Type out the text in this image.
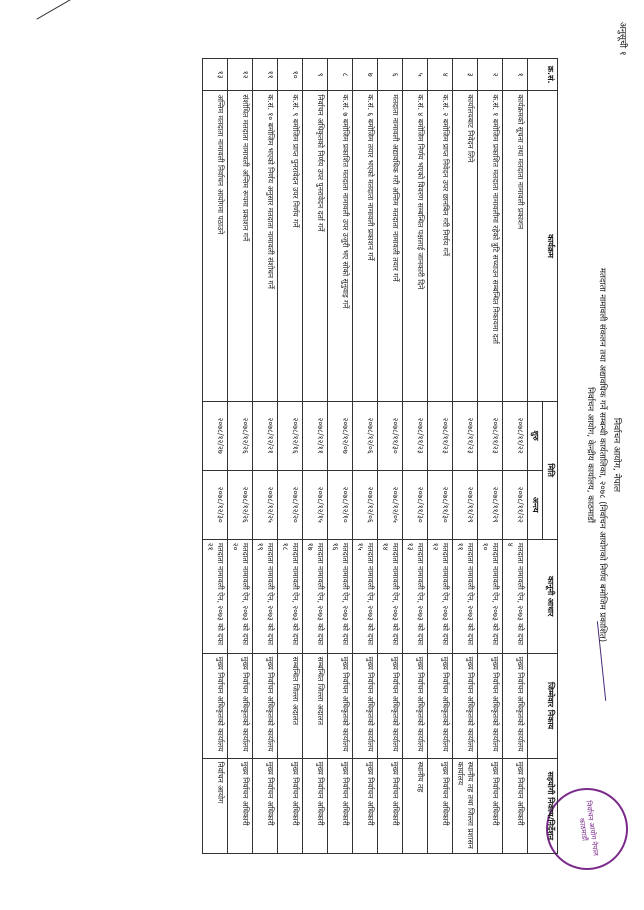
अनुसूची १
निर्वाचन आयोग, नेपाल
निर्वाचन आयोग नेपाल काठमाडौं
मतदाता नामावली संकलन तथा अद्यावधिक गर्ने सम्बन्धी कार्यतालिका, २०७८ (निर्वाचन आयोगको निर्णय बमोजिम प्रकाशित)
निर्वाचन आयोग, केन्द्रीय कार्यालय, काठमाडौं
क्र.सं.	कार्यक्रम	मिति		कानूनी आधार	जिम्मेवार निकाय	सहयोगी निकाय/निर्देशन
		शुरु	अन्त्य			
१	कार्यक्रमको सूचना तथा मतदाता नामावली प्रकाशन	२०७८/११/२२	२०७८/११/२२	मतदाता नामावली ऐन, २०७३ को दफा ४	मुख्य निर्वाचन अधिकृतको कार्यालय	मुख्य निर्वाचन अधिकारी
२	क.सं. १ बमोजिम प्रकाशित मतदाता नामावलीमा रहेको त्रुटि सच्याउन सम्बन्धित निकायमा दर्ता	२०७८/११/२३	२०७८/११/२९	मतदाता नामावली ऐन, २०७३ को दफा १०	मुख्य निर्वाचन अधिकृतको कार्यालय	मुख्य निर्वाचन अधिकारी
३	कार्यालयबाट निवेदन लिने	२०७८/११/२३	२०७८/११/२९	मतदाता नामावली ऐन, २०७३ को दफा ११	मुख्य निर्वाचन अधिकृतको कार्यालय	स्थानीय तह तथा जिल्ला प्रशासन कार्यालय
४	क.सं. २ बमोजिम प्राप्त निवेदन उपर छानबिन गरी निर्णय गर्ने	२०७८/११/२३	२०७८/११/३०	मतदाता नामावली ऐन, २०७३ को दफा १२	मुख्य निर्वाचन अधिकृतको कार्यालय	मुख्य निर्वाचन अधिकारी
५	क.सं. ४ बमोजिम निर्णय भएको विवरण सम्बन्धित पक्षलाई जानकारी दिने	२०७८/११/२३	२०७८/११/३०	मतदाता नामावली ऐन, २०७३ को दफा १३	मुख्य निर्वाचन अधिकृतको कार्यालय	स्थानीय तह
६	मतदाता नामावली अद्यावधिक गरी अन्तिम मतदाता नामावली तयार गर्ने	२०७८/११/३०	२०७८/१२/०५	मतदाता नामावली ऐन, २०७३ को दफा १४	मुख्य निर्वाचन अधिकृतको कार्यालय	मुख्य निर्वाचन अधिकारी
७	क.सं. ६ बमोजिम तयार भएको मतदाता नामावली प्रकाशन गर्ने	२०७८/१२/०६	२०७८/१२/०६	मतदाता नामावली ऐन, २०७३ को दफा १५	मुख्य निर्वाचन अधिकृतको कार्यालय	मुख्य निर्वाचन अधिकारी
८	क.सं. ७ बमोजिम प्रकाशित मतदाता नामावली उपर उजुरी भए सोको सुनुवाइ गर्ने	२०७८/१२/०७	२०७८/१२/१०	मतदाता नामावली ऐन, २०७३ को दफा १६	मुख्य निर्वाचन अधिकृतको कार्यालय	मुख्य निर्वाचन अधिकारी
९	निर्वाचन अधिकृतको निर्णय उपर पुनरावेदन दर्ता गर्ने	२०७८/१२/११	२०७८/१२/१५	मतदाता नामावली ऐन, २०७३ को दफा १७	सम्बन्धित जिल्ला अदालत	मुख्य निर्वाचन अधिकारी
१०	क.सं. ९ बमोजिम प्राप्त पुनरावेदन उपर निर्णय गर्ने	२०७८/१२/१६	२०७८/१२/२०	मतदाता नामावली ऐन, २०७३ को दफा १८	सम्बन्धित जिल्ला अदालत	मुख्य निर्वाचन अधिकारी
११	क.सं. १० बमोजिम भएको निर्णय अनुसार मतदाता नामावली संशोधन गर्ने	२०७८/१२/२१	२०७८/१२/२५	मतदाता नामावली ऐन, २०७३ को दफा १९	मुख्य निर्वाचन अधिकृतको कार्यालय	मुख्य निर्वाचन अधिकारी
१२	संशोधित मतदाता नामावली अन्तिम रूपमा प्रकाशन गर्ने	२०७८/१२/२६	२०७८/१२/२६	मतदाता नामावली ऐन, २०७३ को दफा २०	मुख्य निर्वाचन अधिकृतको कार्यालय	मुख्य निर्वाचन अधिकारी
१३	अन्तिम मतदाता नामावली निर्वाचन आयोगमा पठाउने	२०७८/१२/२७	२०७८/१२/३०	मतदाता नामावली ऐन, २०७३ को दफा २१	मुख्य निर्वाचन अधिकृतको कार्यालय	निर्वाचन आयोग
